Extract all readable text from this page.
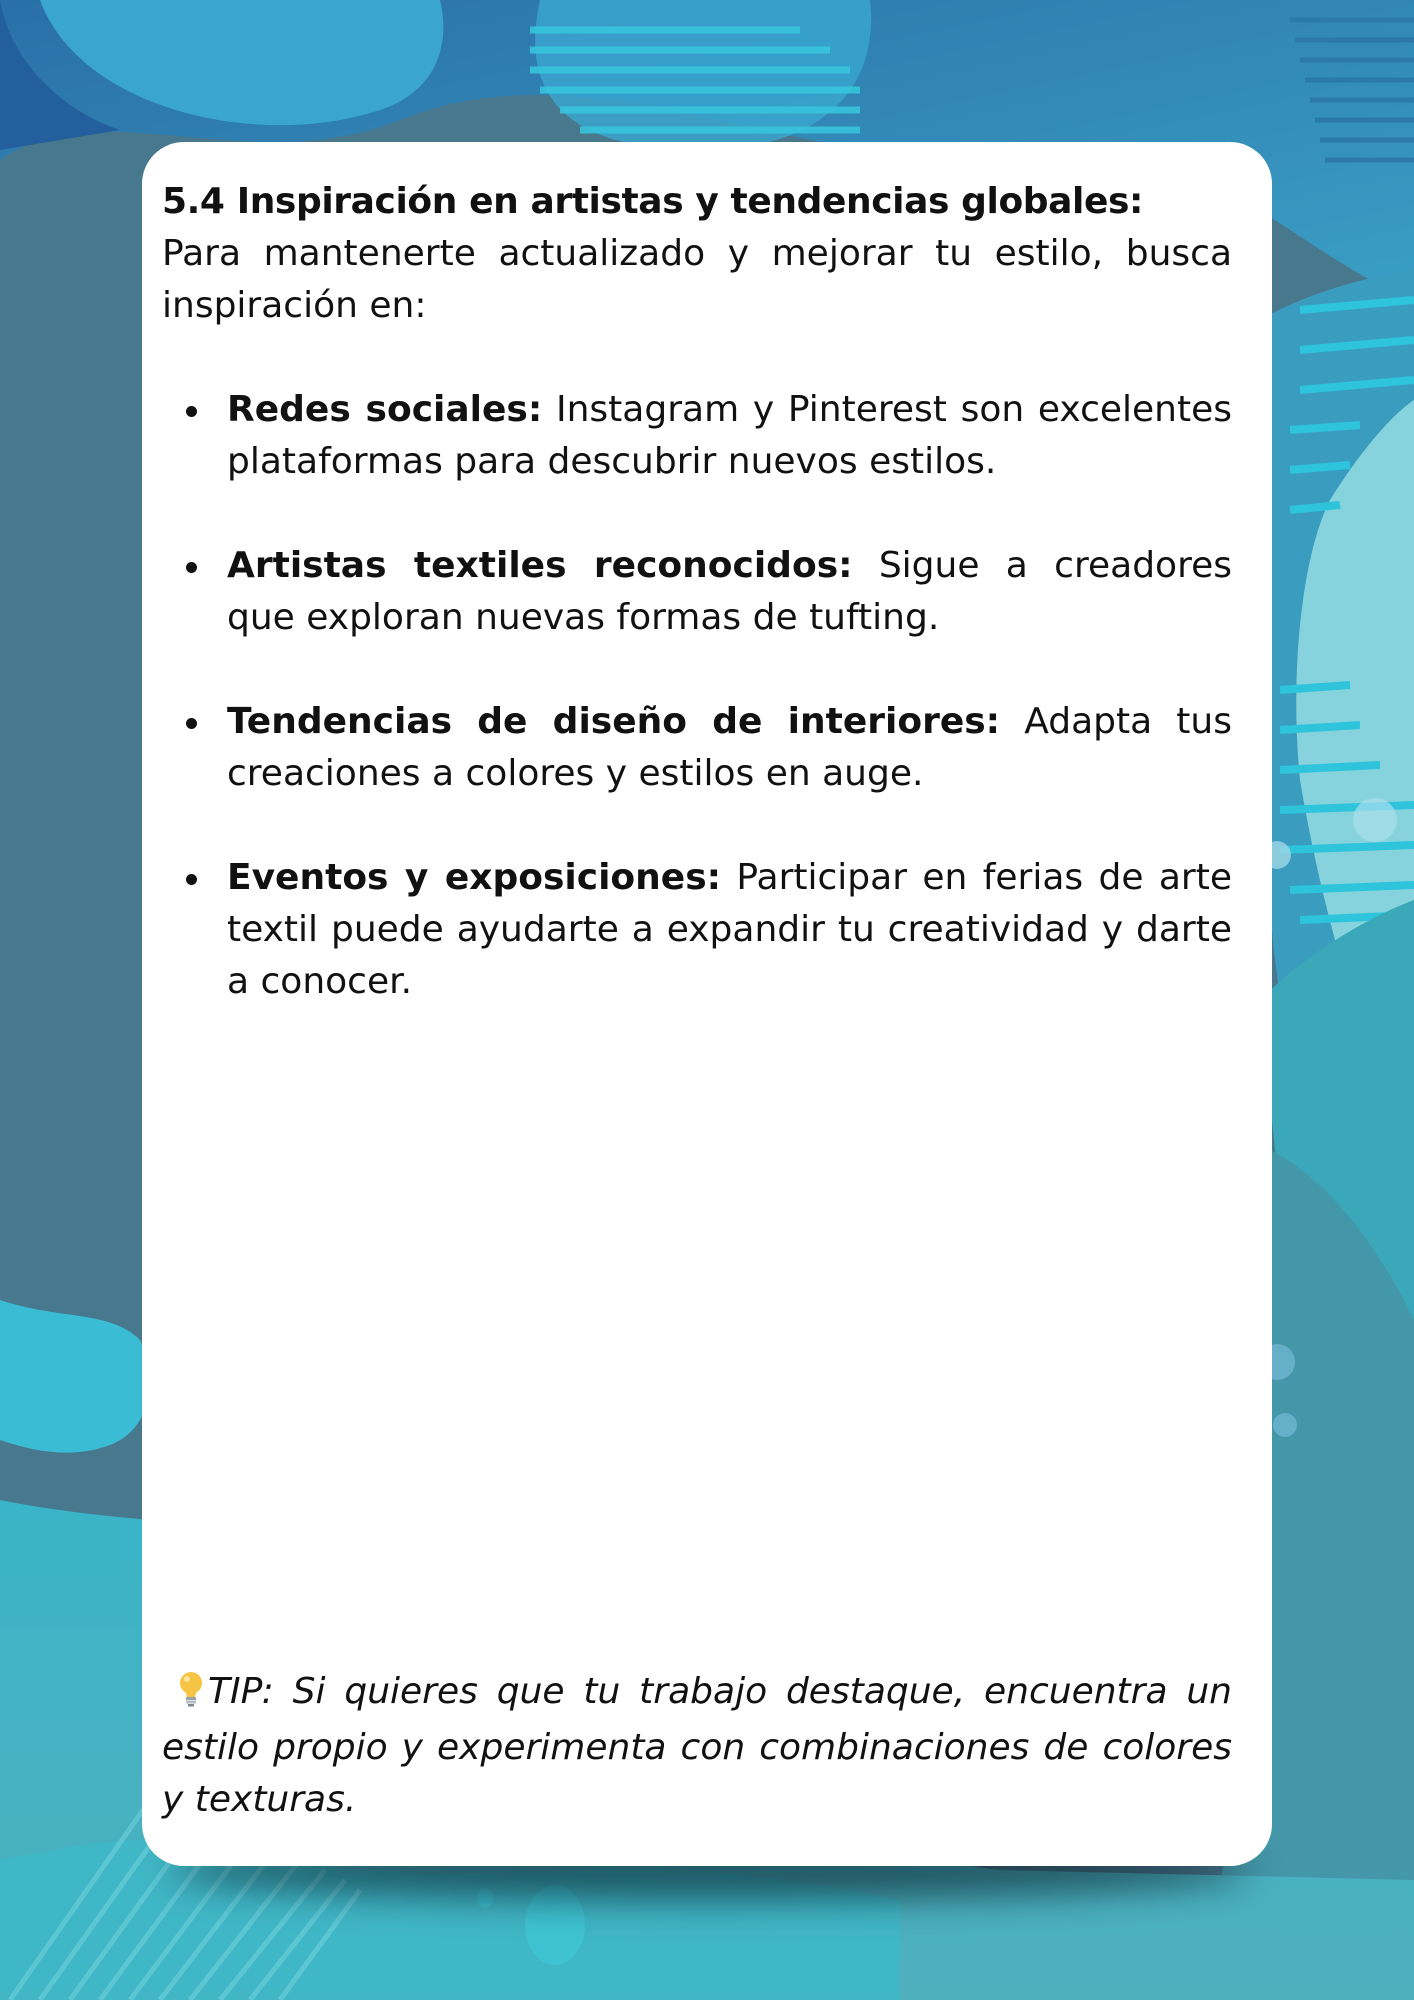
5.4 Inspiración en artistas y tendencias globales:

Para mantenerte actualizado y mejorar tu estilo, busca inspiración en:

Redes sociales: Instagram y Pinterest son excelentes plataformas para descubrir nuevos estilos.
Artistas textiles reconocidos: Sigue a creadores que exploran nuevas formas de tufting.
Tendencias de diseño de interiores: Adapta tus creaciones a colores y estilos en auge.
Eventos y exposiciones: Participar en ferias de arte textil puede ayudarte a expandir tu creatividad y darte a conocer.

TIP: Si quieres que tu trabajo destaque, encuentra un estilo propio y experimenta con combinaciones de colores y texturas.
